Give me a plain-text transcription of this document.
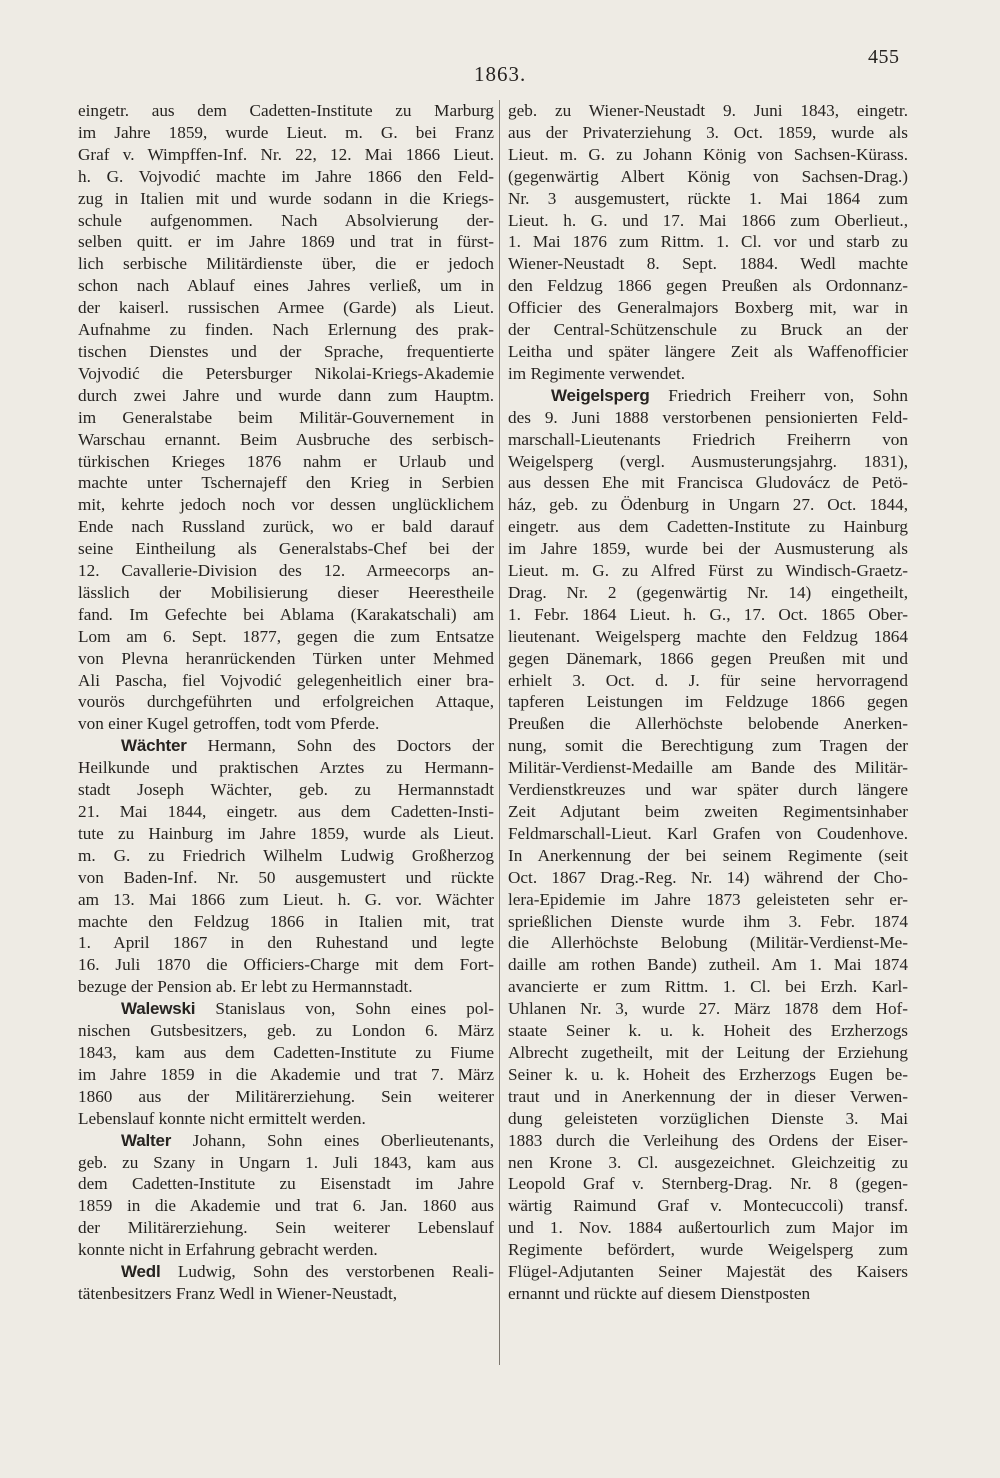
1863.
455
eingetr. aus dem Cadetten-Institute zu Marburg
im Jahre 1859, wurde Lieut. m. G. bei Franz
Graf v. Wimpffen-Inf. Nr. 22, 12. Mai 1866 Lieut.
h. G. Vojvodić machte im Jahre 1866 den Feld-
zug in Italien mit und wurde sodann in die Kriegs-
schule aufgenommen. Nach Absolvierung der-
selben quitt. er im Jahre 1869 und trat in fürst-
lich serbische Militärdienste über, die er jedoch
schon nach Ablauf eines Jahres verließ, um in
der kaiserl. russischen Armee (Garde) als Lieut.
Aufnahme zu finden. Nach Erlernung des prak-
tischen Dienstes und der Sprache, frequentierte
Vojvodić die Petersburger Nikolai-Kriegs-Akademie
durch zwei Jahre und wurde dann zum Hauptm.
im Generalstabe beim Militär-Gouvernement in
Warschau ernannt. Beim Ausbruche des serbisch-
türkischen Krieges 1876 nahm er Urlaub und
machte unter Tschernajeff den Krieg in Serbien
mit, kehrte jedoch noch vor dessen unglücklichem
Ende nach Russland zurück, wo er bald darauf
seine Eintheilung als Generalstabs-Chef bei der
12. Cavallerie-Division des 12. Armeecorps an-
lässlich der Mobilisierung dieser Heerestheile
fand. Im Gefechte bei Ablama (Karakatschali) am
Lom am 6. Sept. 1877, gegen die zum Entsatze
von Plevna heranrückenden Türken unter Mehmed
Ali Pascha, fiel Vojvodić gelegenheitlich einer bra-
vourös durchgeführten und erfolgreichen Attaque,
von einer Kugel getroffen, todt vom Pferde.
Wächter Hermann, Sohn des Doctors der
Heilkunde und praktischen Arztes zu Hermann-
stadt Joseph Wächter, geb. zu Hermannstadt
21. Mai 1844, eingetr. aus dem Cadetten-Insti-
tute zu Hainburg im Jahre 1859, wurde als Lieut.
m. G. zu Friedrich Wilhelm Ludwig Großherzog
von Baden-Inf. Nr. 50 ausgemustert und rückte
am 13. Mai 1866 zum Lieut. h. G. vor. Wächter
machte den Feldzug 1866 in Italien mit, trat
1. April 1867 in den Ruhestand und legte
16. Juli 1870 die Officiers-Charge mit dem Fort-
bezuge der Pension ab. Er lebt zu Hermannstadt.
Walewski Stanislaus von, Sohn eines pol-
nischen Gutsbesitzers, geb. zu London 6. März
1843, kam aus dem Cadetten-Institute zu Fiume
im Jahre 1859 in die Akademie und trat 7. März
1860 aus der Militärerziehung. Sein weiterer
Lebenslauf konnte nicht ermittelt werden.
Walter Johann, Sohn eines Oberlieutenants,
geb. zu Szany in Ungarn 1. Juli 1843, kam aus
dem Cadetten-Institute zu Eisenstadt im Jahre
1859 in die Akademie und trat 6. Jan. 1860 aus
der Militärerziehung. Sein weiterer Lebenslauf
konnte nicht in Erfahrung gebracht werden.
Wedl Ludwig, Sohn des verstorbenen Reali-
tätenbesitzers Franz Wedl in Wiener-Neustadt,
geb. zu Wiener-Neustadt 9. Juni 1843, eingetr.
aus der Privaterziehung 3. Oct. 1859, wurde als
Lieut. m. G. zu Johann König von Sachsen-Kürass.
(gegenwärtig Albert König von Sachsen-Drag.)
Nr. 3 ausgemustert, rückte 1. Mai 1864 zum
Lieut. h. G. und 17. Mai 1866 zum Oberlieut.,
1. Mai 1876 zum Rittm. 1. Cl. vor und starb zu
Wiener-Neustadt 8. Sept. 1884. Wedl machte
den Feldzug 1866 gegen Preußen als Ordonnanz-
Officier des Generalmajors Boxberg mit, war in
der Central-Schützenschule zu Bruck an der
Leitha und später längere Zeit als Waffenofficier
im Regimente verwendet.
Weigelsperg Friedrich Freiherr von, Sohn
des 9. Juni 1888 verstorbenen pensionierten Feld-
marschall-Lieutenants Friedrich Freiherrn von
Weigelsperg (vergl. Ausmusterungsjahrg. 1831),
aus dessen Ehe mit Francisca Gludovácz de Petö-
ház, geb. zu Ödenburg in Ungarn 27. Oct. 1844,
eingetr. aus dem Cadetten-Institute zu Hainburg
im Jahre 1859, wurde bei der Ausmusterung als
Lieut. m. G. zu Alfred Fürst zu Windisch-Graetz-
Drag. Nr. 2 (gegenwärtig Nr. 14) eingetheilt,
1. Febr. 1864 Lieut. h. G., 17. Oct. 1865 Ober-
lieutenant. Weigelsperg machte den Feldzug 1864
gegen Dänemark, 1866 gegen Preußen mit und
erhielt 3. Oct. d. J. für seine hervorragend
tapferen Leistungen im Feldzuge 1866 gegen
Preußen die Allerhöchste belobende Anerken-
nung, somit die Berechtigung zum Tragen der
Militär-Verdienst-Medaille am Bande des Militär-
Verdienstkreuzes und war später durch längere
Zeit Adjutant beim zweiten Regimentsinhaber
Feldmarschall-Lieut. Karl Grafen von Coudenhove.
In Anerkennung der bei seinem Regimente (seit
Oct. 1867 Drag.-Reg. Nr. 14) während der Cho-
lera-Epidemie im Jahre 1873 geleisteten sehr er-
sprießlichen Dienste wurde ihm 3. Febr. 1874
die Allerhöchste Belobung (Militär-Verdienst-Me-
daille am rothen Bande) zutheil. Am 1. Mai 1874
avancierte er zum Rittm. 1. Cl. bei Erzh. Karl-
Uhlanen Nr. 3, wurde 27. März 1878 dem Hof-
staate Seiner k. u. k. Hoheit des Erzherzogs
Albrecht zugetheilt, mit der Leitung der Erziehung
Seiner k. u. k. Hoheit des Erzherzogs Eugen be-
traut und in Anerkennung der in dieser Verwen-
dung geleisteten vorzüglichen Dienste 3. Mai
1883 durch die Verleihung des Ordens der Eiser-
nen Krone 3. Cl. ausgezeichnet. Gleichzeitig zu
Leopold Graf v. Sternberg-Drag. Nr. 8 (gegen-
wärtig Raimund Graf v. Montecuccoli) transf.
und 1. Nov. 1884 außertourlich zum Major im
Regimente befördert, wurde Weigelsperg zum
Flügel-Adjutanten Seiner Majestät des Kaisers
ernannt und rückte auf diesem Dienstposten
